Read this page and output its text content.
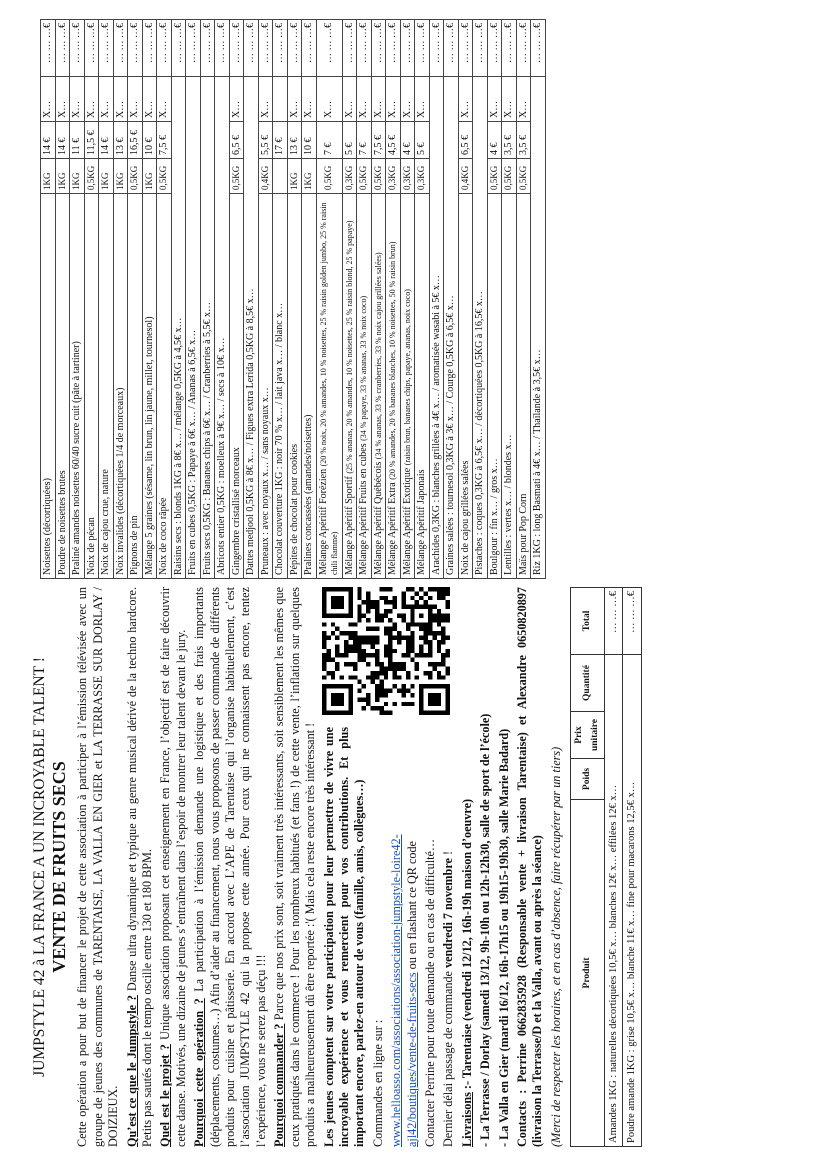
JUMPSTYLE 42 à LA FRANCE A UN INCROYABLE TALENT ! VENTE DE FRUITS SECS Cette opération a pour but de financer le projet de cette association à participer à l’émission télévisée avec un groupe de jeunes des communes de TARENTAISE, LA VALLA EN GIER et LA TERRASSE SUR DORLAY / DOIZIEUX. Qu’est ce que le Jumpstyle ? Danse ultra dynamique et typique au genre musical dérivé de la techno hardcore. Petits pas sautés dont le tempo oscille entre 130 et 180 BPM. Quel est le projet ? Unique association proposant cet enseignement en France, l’objectif est de faire découvrir cette danse. Motivés, une dizaine de jeunes s’entraînent dans l’espoir de montrer leur talent devant le jury. Pourquoi cette opération ? La participation à l’émission demande une logistique et des frais importants (déplacements, costumes…) Afin d’aider au financement, nous vous proposons de passer commande de différents produits pour cuisine et pâtisserie. En accord avec L’APE de Tarentaise qui l’organise habituellement, c’est l’association JUMPSTYLE 42 qui la propose cette année. Pour ceux qui ne connaissent pas encore, tentez l’expérience, vous ne serez pas déçu !!! Pourquoi commander ? Parce que nos prix sont, soit vraiment très intéressants, soit sensiblement les mêmes que ceux pratiqués dans le commerce ! Pour les nombreux habitués (et fans !) de cette vente, l’inflation sur quelques produits a malheureusement dû être reportée :'( Mais cela reste encore très intéressant ! Les jeunes comptent sur votre participation pour leur permettre de vivre une incroyable expérience et vous remercient pour vos contributions. Et plus important encore, parlez-en autour de vous (famille, amis, collègues…) Commandes en ligne sur : www.helloasso.com/associations/association-jumpstyle-loire42-ajl42/boutiques/vente-de-fruits-secs ou en flashant ce QR code Contacter Perrine pour toute demande ou en cas de difficulté… Dernier délai passage de commande vendredi 7 novembre !

Livraisons :- Tarentaise (vendredi 12/12, 16h-19h maison d’oeuvre) - La Terrasse / Dorlay (samedi 13/12, 9h-10h ou 12h-12h30, salle de sport de l’école) - La Valla en Gier (mardi 16/12, 16h-17h15 ou 19h15-19h30, salle Marie Badard) Contacts : Perrine 0662835928 (Responsable vente + livraison Tarentaise) et Alexandre 0650820897 (livraison la Terrasse/D et la Valla, avant ou après la séance) (Merci de respecter les horaires, et en cas d’absence, faire récupérer par un tiers) Produit	Poids	Prix unitaire	Quantité	Total
Amandes 1KG : naturelles décortiquées 10,5€ x… blanches 12€ x… effilées 12€ x…				… … …€
Poudre amande 1KG : grise 10,5€ x… blanche 11€ x… fine pour macarons 12,5€ x…				… … …€
Noisettes (décortiquées)	1KG	14 €	X…	… … …€
Poudre de noisettes brutes	1KG	14 €	X…	… … …€
Praliné amandes noisettes 60/40 sucre cuit (pâte à tartiner)	1KG	11 €	X…	… … …€
Noix de pécan	0,5KG	11,5 €	X…	… … …€
Noix de cajou crue, nature	1KG	14 €	X…	… … …€
Noix invalides (décortiquées 1/4 de morceaux)	1KG	13 €	X…	… … …€
Pignons de pin	0,5KG	16,5 €	X…	… … …€
Mélange 5 graines (sésame, lin brun, lin jaune, millet, tournesol)	1KG	10 €	X…	… … …€
Noix de coco râpée	0,5KG	7,5 €	X…	… … …€
Raisins secs : blonds 1KG à 8€ x… / mélange 0,5KG à 4,5€ x…				… … …€
Fruits en cubes 0,5KG : Papaye à 6€ x… / Ananas à 6,5€ x…				… … …€
Fruits secs 0,5KG : Bananes chips à 6€ x… / Cranberries à 5,5€ x…				… … …€
Abricots entier 0,5KG : moelleux à 9€ x… / secs à 10€ x…				… … …€
Gingembre cristallisé morceaux	0,5KG	6,5 €	X…	… … …€
Dattes medjool 0,5KG à 8€ x… / Figues extra Lerida 0,5KG à 8,5€ x…				… … …€
Pruneaux : avec noyaux x… / sans noyaux x…	0,4KG	5,5 €	X…	… … …€
Chocolat couverture 1KG : noir 70 % x… / lait java x… / blanc x…		17 €		… … …€
Pépites de chocolat pour cookies	1KG	13 €	X…	… … …€
Pralines concassées (amandes/noisettes)	1KG	10 €	X…	… … …€
Mélange Apéritif Forézien (20 % noix, 20 % amandes, 10 % noisettes, 25 % raisin golden jumbo, 25 % raisin chili flamme)	0,5KG	7 €	X…	… … …€
Mélange Apéritif Sportif (25 % ananas, 20 % amandes, 10 % noisettes, 25 % raisin blond, 25 % papaye)	0,3KG	5 €	X…	… … …€
Mélange Apéritif Fruits en cubes (34 % papaye, 33 % ananas, 33 % noix coco)	0,5KG	7 €	X…	… … …€
Mélange Apéritif Québécois (34 % ananas, 33 % cranberries, 33 % noix cajou grillées salées)	0,5KG	7,5 €	X…	… … …€
Mélange Apéritif Extra (20 % amandes, 20 % bananes blanches, 10 % noisettes, 50 % raisin brun)	0,3KG	4,5 €	X…	… … …€
Mélange Apéritif Exotique (raisin brun, bananes chips, papaye, ananas, noix coco)	0,3KG	4 €	X…	… … …€
Mélange Apéritif Japonais	0,3KG	5 €	X…	… … …€
Arachides 0,3KG : blanches grillées à 4€ x… / aromatisée wasabi à 5€ x…				… … …€
Graines salées : tournesol 0,3KG à 3€ x… / Courge 0,5KG à 6,5€ x…				… … …€
Noix de cajou grillées salées	0,4KG	6,5 €	X…	… … …€
Pistaches : coques 0,3KG à 6,5€ x… / décortiquées 0,5KG à 16,5€ x…				… … …€
Boulgour : fin x… / gros x…	0,5KG	4 €	X…	… … …€
Lentilles : vertes x… / blondes x…	0,5KG	3,5 €	X…	… … …€
Maïs pour Pop Corn	0,5KG	3,5 €	X…	… … …€
Riz 1KG : long Basmati à 4€ x… / Thaïlande à 3,5€ x…				… … …€
